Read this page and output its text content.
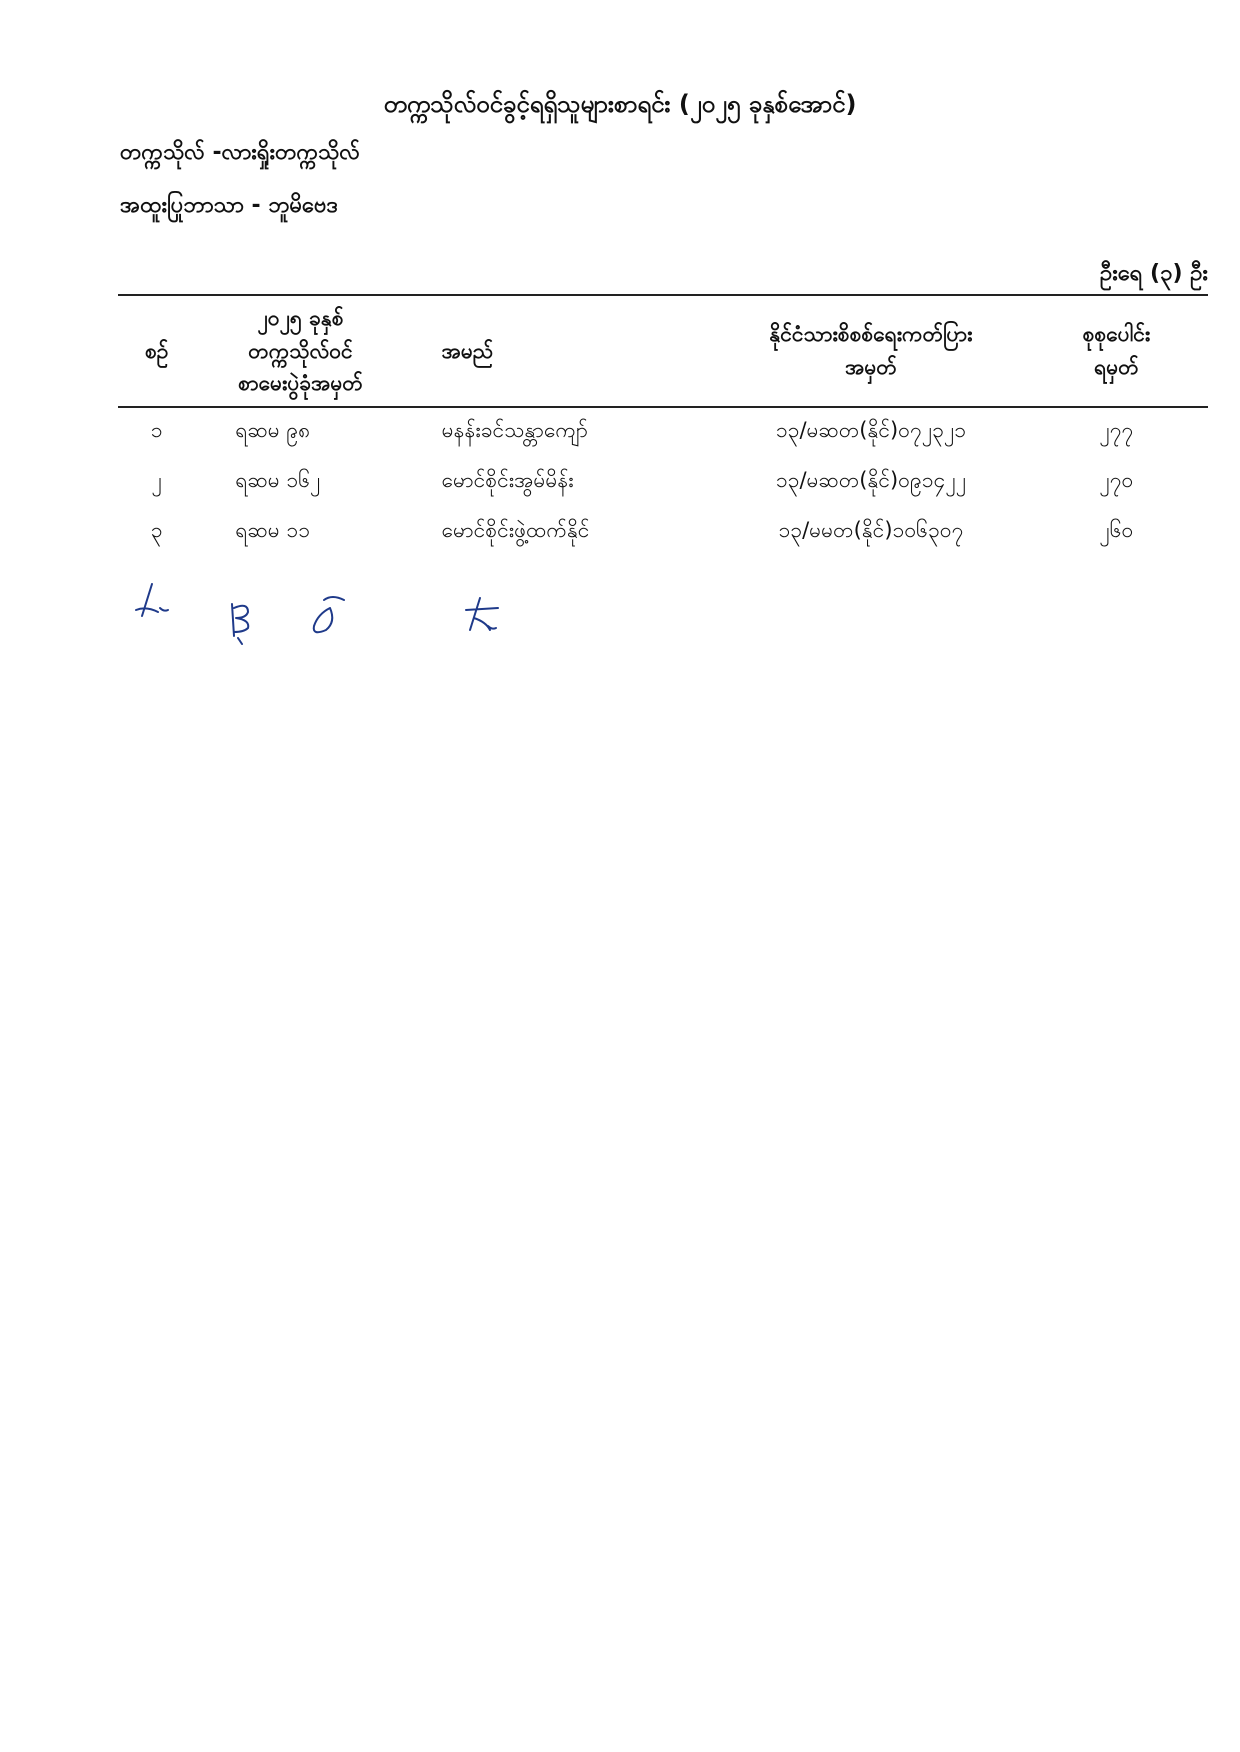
တက္ကသိုလ်ဝင်ခွင့်ရရှိသူများစာရင်း (၂၀၂၅ ခုနှစ်အောင်)
တက္ကသိုလ် -လားရှိုးတက္ကသိုလ်
အထူးပြုဘာသာ - ဘူမိဗေဒ
ဦးရေ (၃) ဦး
စဉ်	၂၀၂၅ ခုနှစ်
တက္ကသိုလ်ဝင်
စာမေးပွဲခုံအမှတ်	အမည်	နိုင်ငံသားစိစစ်ရေးကတ်ပြား
အမှတ်	စုစုပေါင်း
ရမှတ်

၁	ရဆမ ၉၈	မနန်းခင်သန္တာကျော်	၁၃/မဆတ(နိုင်)၀၇၂၃၂၁	၂၇၇
၂	ရဆမ ၁၆၂	မောင်စိုင်းအွမ်မိန်း	၁၃/မဆတ(နိုင်)၀၉၁၄၂၂	၂၇၀
၃	ရဆမ ၁၁	မောင်စိုင်းဖွဲ့ထက်နိုင်	၁၃/မမတ(နိုင်)၁၀၆၃၀၇	၂၆၀
